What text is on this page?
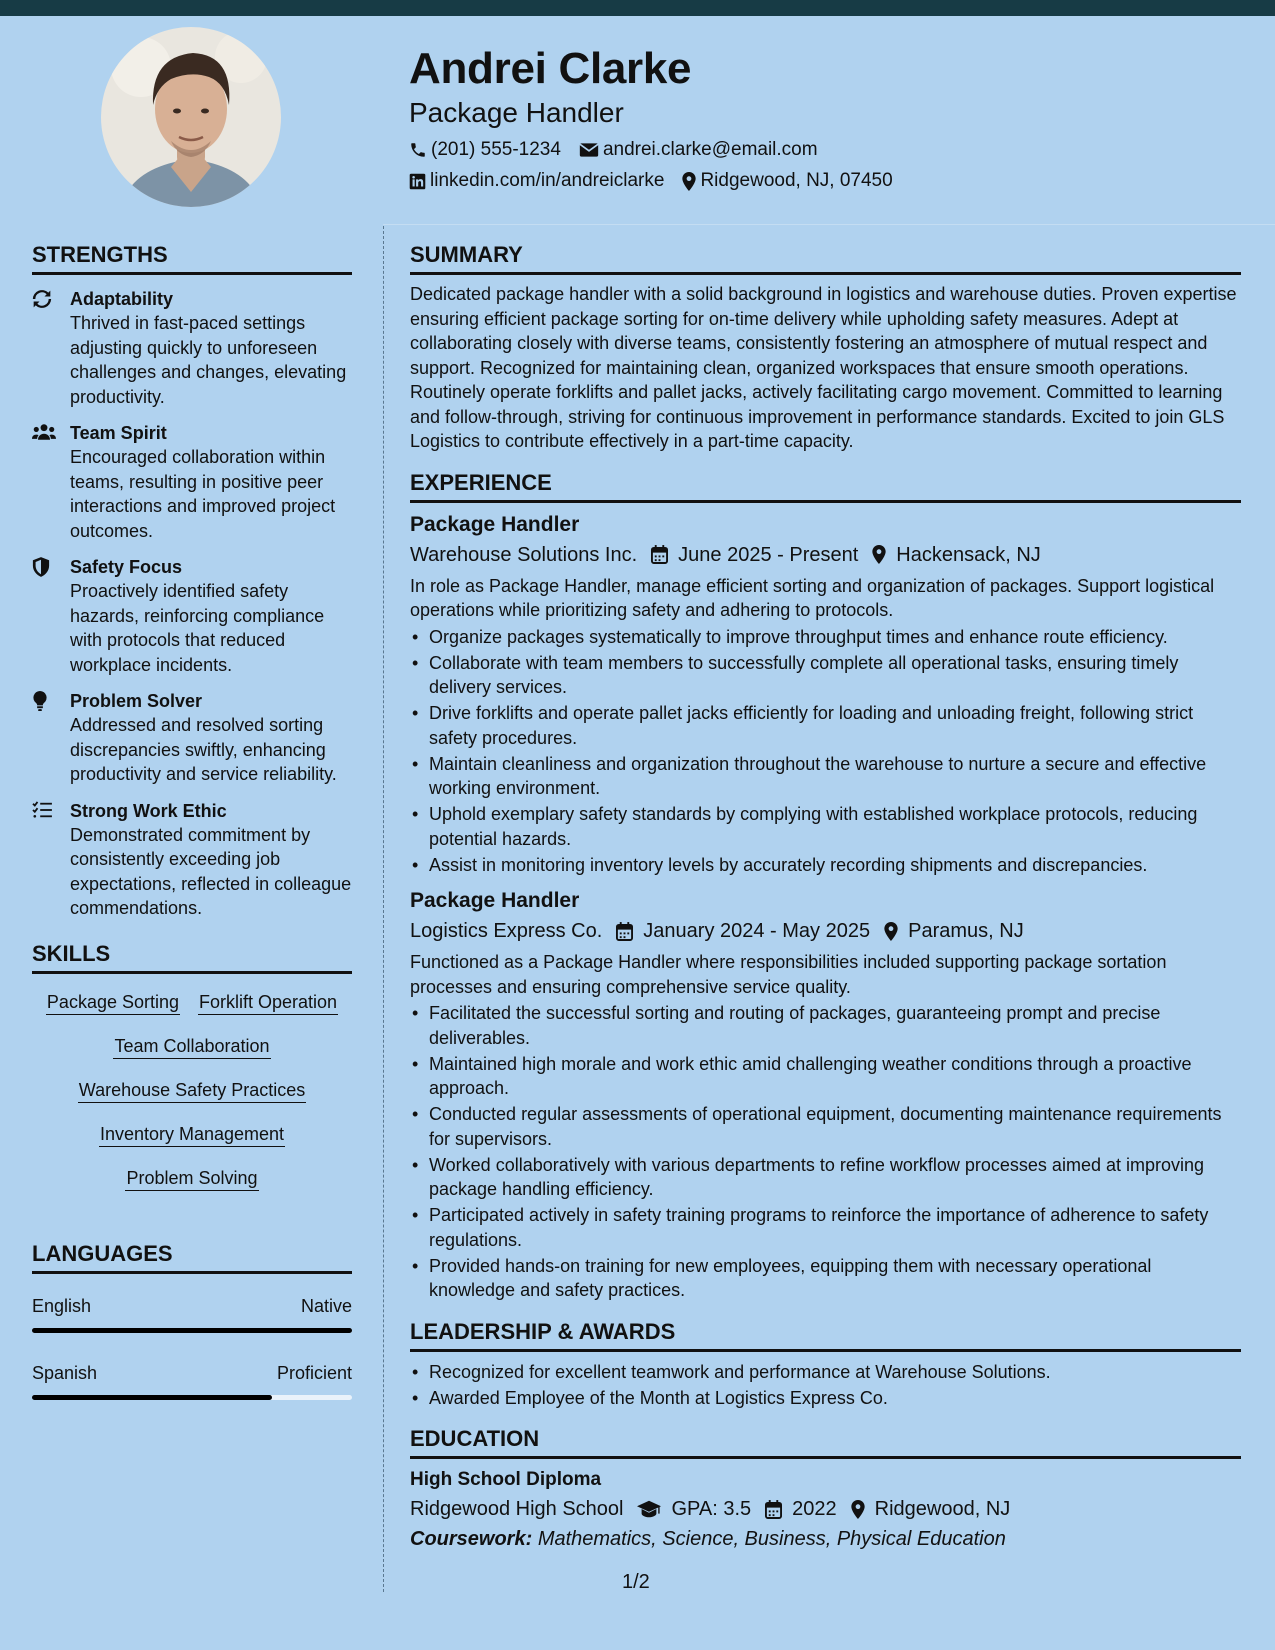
Andrei Clarke
Package Handler
(201) 555-1234 andrei.clarke@email.com
linkedin.com/in/andreiclarke Ridgewood, NJ, 07450
STRENGTHS
Adaptability
Thrived in fast-paced settings adjusting quickly to unforeseen challenges and changes, elevating productivity.
Team Spirit
Encouraged collaboration within teams, resulting in positive peer interactions and improved project outcomes.
Safety Focus
Proactively identified safety hazards, reinforcing compliance with protocols that reduced workplace incidents.
Problem Solver
Addressed and resolved sorting discrepancies swiftly, enhancing productivity and service reliability.
Strong Work Ethic
Demonstrated commitment by consistently exceeding job expectations, reflected in colleague commendations.
SKILLS
Package Sorting Forklift Operation
Team Collaboration
Warehouse Safety Practices
Inventory Management
Problem Solving
LANGUAGES
English	Native
Spanish	Proficient
SUMMARY
Dedicated package handler with a solid background in logistics and warehouse duties. Proven expertise ensuring efficient package sorting for on-time delivery while upholding safety measures. Adept at collaborating closely with diverse teams, consistently fostering an atmosphere of mutual respect and support. Recognized for maintaining clean, organized workspaces that ensure smooth operations. Routinely operate forklifts and pallet jacks, actively facilitating cargo movement. Committed to learning and follow-through, striving for continuous improvement in performance standards. Excited to join GLS Logistics to contribute effectively in a part-time capacity.
EXPERIENCE
Package Handler
Warehouse Solutions Inc. June 2025 - Present Hackensack, NJ
In role as Package Handler, manage efficient sorting and organization of packages. Support logistical operations while prioritizing safety and adhering to protocols.
• Organize packages systematically to improve throughput times and enhance route efficiency.
• Collaborate with team members to successfully complete all operational tasks, ensuring timely delivery services.
• Drive forklifts and operate pallet jacks efficiently for loading and unloading freight, following strict safety procedures.
• Maintain cleanliness and organization throughout the warehouse to nurture a secure and effective working environment.
• Uphold exemplary safety standards by complying with established workplace protocols, reducing potential hazards.
• Assist in monitoring inventory levels by accurately recording shipments and discrepancies.
Package Handler
Logistics Express Co. January 2024 - May 2025 Paramus, NJ
Functioned as a Package Handler where responsibilities included supporting package sortation processes and ensuring comprehensive service quality.
• Facilitated the successful sorting and routing of packages, guaranteeing prompt and precise deliverables.
• Maintained high morale and work ethic amid challenging weather conditions through a proactive approach.
• Conducted regular assessments of operational equipment, documenting maintenance requirements for supervisors.
• Worked collaboratively with various departments to refine workflow processes aimed at improving package handling efficiency.
• Participated actively in safety training programs to reinforce the importance of adherence to safety regulations.
• Provided hands-on training for new employees, equipping them with necessary operational knowledge and safety practices.
LEADERSHIP & AWARDS
• Recognized for excellent teamwork and performance at Warehouse Solutions.
• Awarded Employee of the Month at Logistics Express Co.
EDUCATION
High School Diploma
Ridgewood High School GPA: 3.5 2022 Ridgewood, NJ
Coursework: Mathematics, Science, Business, Physical Education
1/2
